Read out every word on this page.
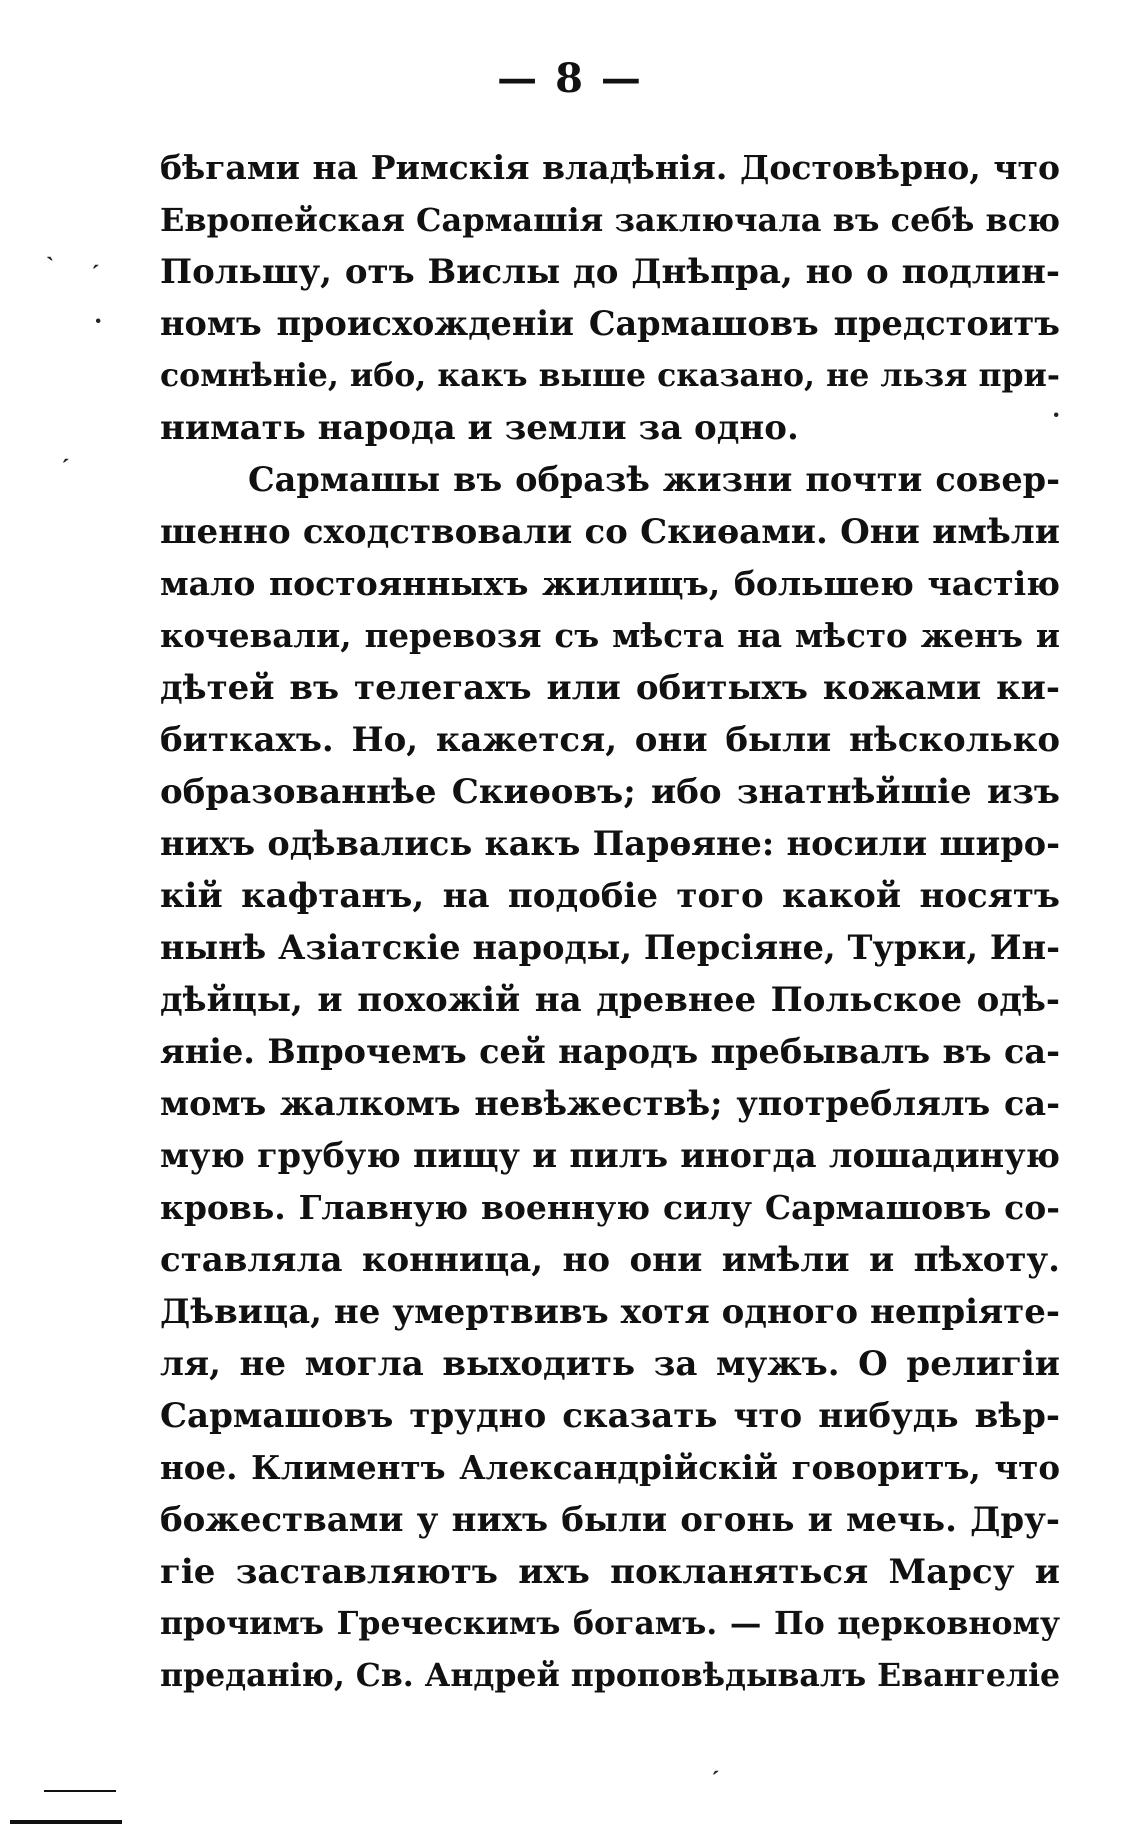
— 8 —
ˎ ˏ
·
ˏ
·
ˏ
бѣгами на Римскія владѣнія. Достовѣрно, что
Европейская Сармашія заключала въ себѣ всю
Польшу, отъ Вислы до Днѣпра, но о подлин-
номъ происхожденіи Сармашовъ предстоитъ
сомнѣніе, ибо, какъ выше сказано, не льзя при-
нимать народа и земли за одно.
Сармашы въ образѣ жизни почти совер-
шенно сходствовали со Скиѳами. Они имѣли
мало постоянныхъ жилищъ, большею частію
кочевали, перевозя съ мѣста на мѣсто женъ и
дѣтей въ телегахъ или обитыхъ кожами ки-
биткахъ. Но, кажется, они были нѣсколько
образованнѣе Скиѳовъ; ибо знатнѣйшіе изъ
нихъ одѣвались какъ Парѳяне: носили широ-
кій кафтанъ, на подобіе того какой носятъ
нынѣ Азіатскіе народы, Персіяне, Турки, Ин-
дѣйцы, и похожій на древнее Польское одѣ-
яніе. Впрочемъ сей народъ пребывалъ въ са-
момъ жалкомъ невѣжествѣ; употреблялъ са-
мую грубую пищу и пилъ иногда лошадиную
кровь. Главную военную силу Сармашовъ со-
ставляла конница, но они имѣли и пѣхоту.
Дѣвица, не умертвивъ хотя одного непріяте-
ля, не могла выходить за мужъ. О религіи
Сармашовъ трудно сказать что нибудь вѣр-
ное. Климентъ Александрійскій говоритъ, что
божествами у нихъ были огонь и мечь. Дру-
гіе заставляютъ ихъ покланяться Марсу и
прочимъ Греческимъ богамъ. — По церковному
преданію, Св. Андрей проповѣдывалъ Евангеліе
